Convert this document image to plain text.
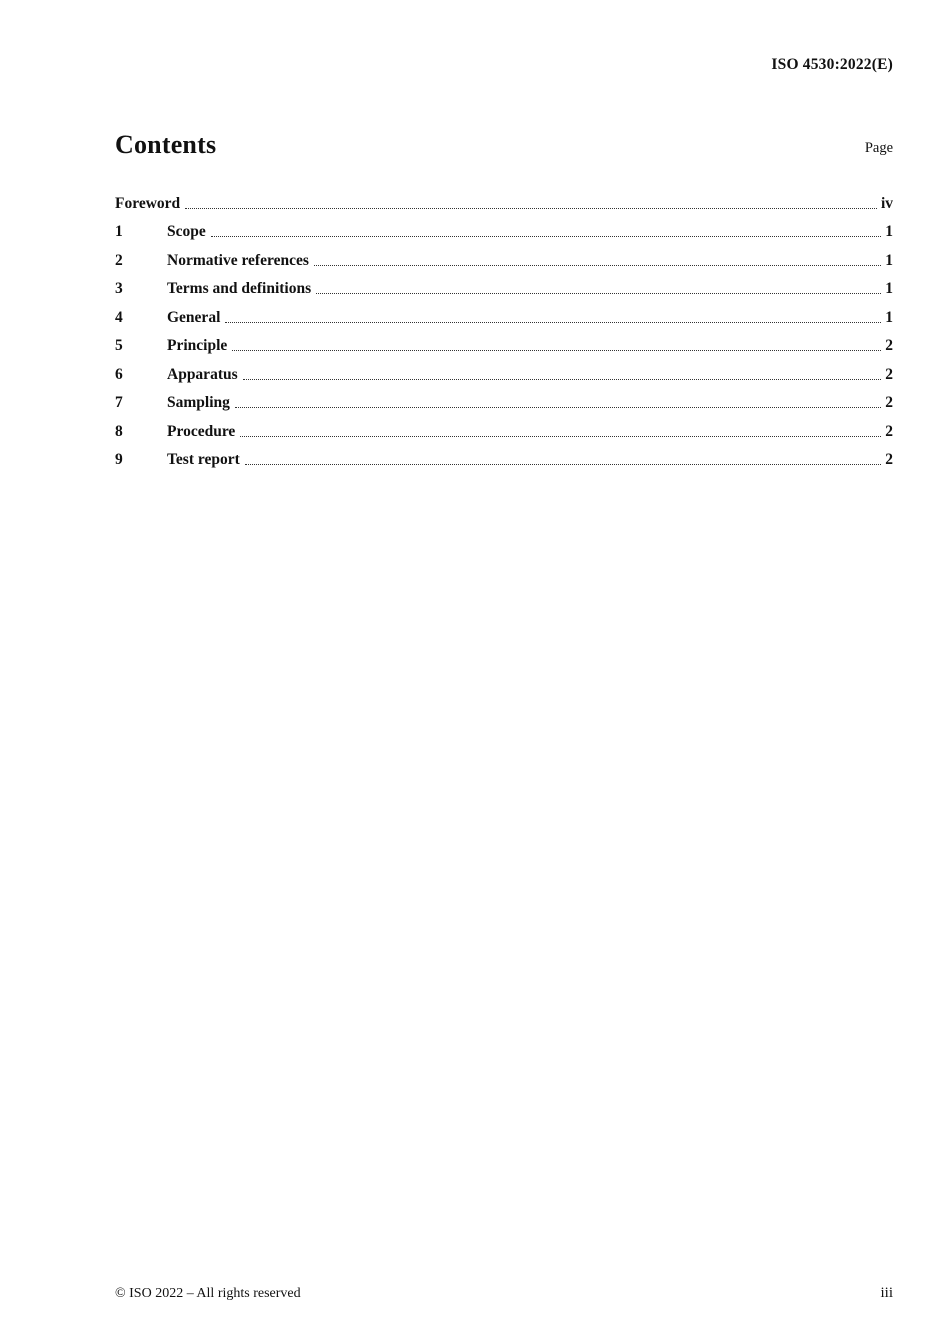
ISO 4530:2022(E)
Contents	Page
Foreword	iv
1	Scope	1
2	Normative references	1
3	Terms and definitions	1
4	General	1
5	Principle	2
6	Apparatus	2
7	Sampling	2
8	Procedure	2
9	Test report	2
© ISO 2022 – All rights reserved	iii
